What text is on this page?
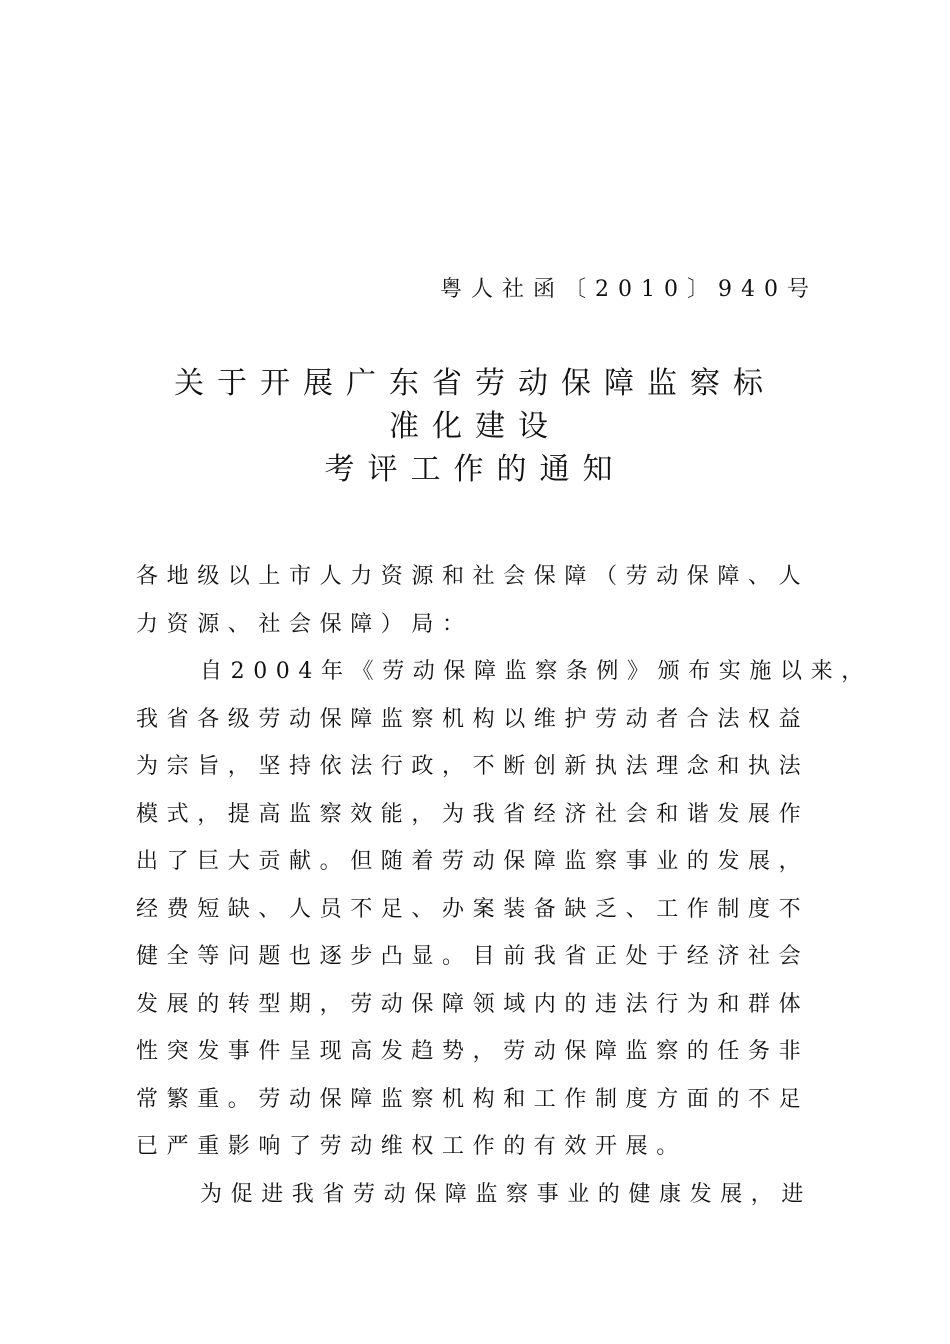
粤人社函〔2010〕940号
关于开展广东省劳动保障监察标
准化建设
考评工作的通知
各地级以上市人力资源和社会保障（劳动保障、人
力资源、社会保障）局：
自2004年《劳动保障监察条例》颁布实施以来，
我省各级劳动保障监察机构以维护劳动者合法权益
为宗旨，坚持依法行政，不断创新执法理念和执法
模式，提高监察效能，为我省经济社会和谐发展作
出了巨大贡献。但随着劳动保障监察事业的发展，
经费短缺、人员不足、办案装备缺乏、工作制度不
健全等问题也逐步凸显。目前我省正处于经济社会
发展的转型期，劳动保障领域内的违法行为和群体
性突发事件呈现高发趋势，劳动保障监察的任务非
常繁重。劳动保障监察机构和工作制度方面的不足
已严重影响了劳动维权工作的有效开展。
为促进我省劳动保障监察事业的健康发展，进
